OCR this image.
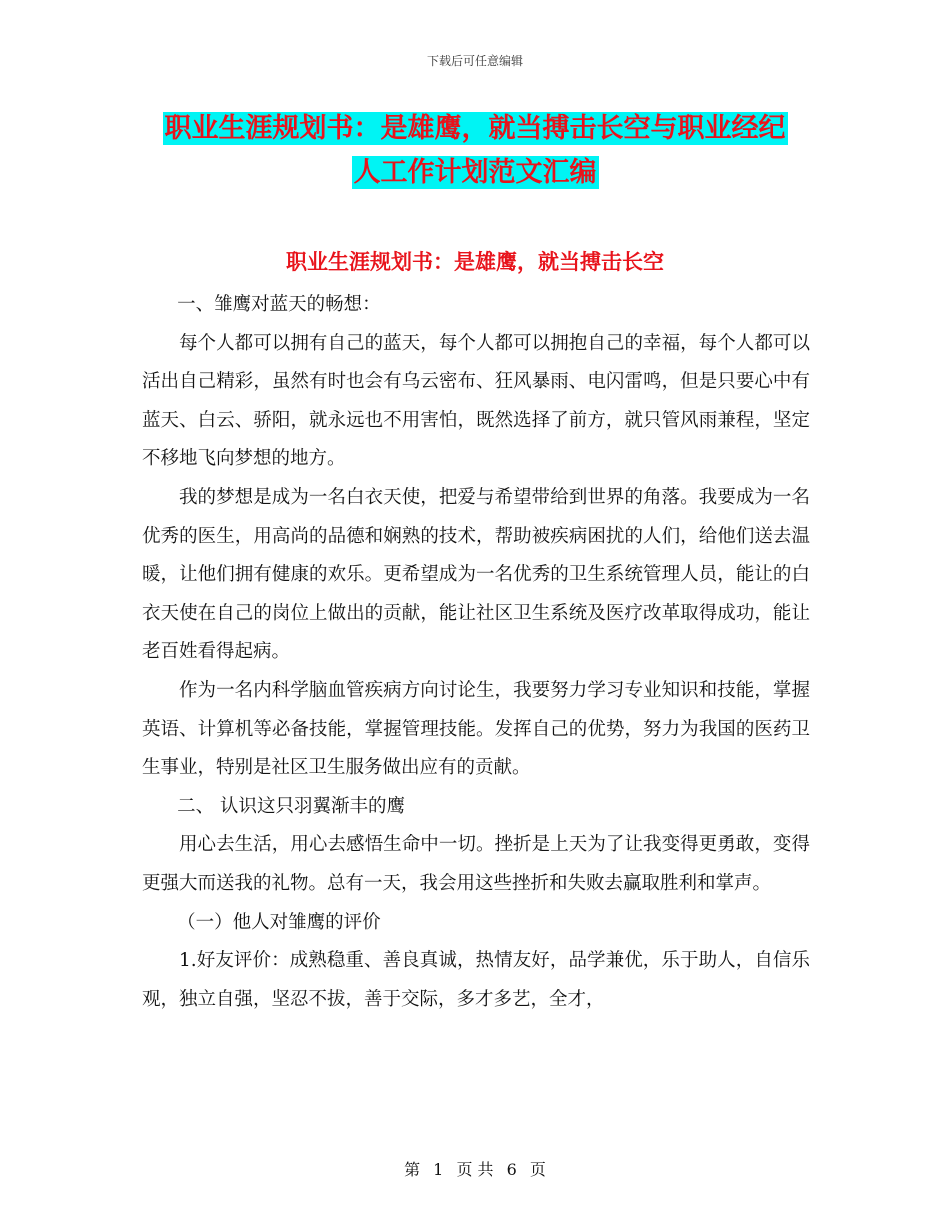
下载后可任意编辑
职业生涯规划书：是雄鹰，就当搏击长空与职业经纪
人工作计划范文汇编
职业生涯规划书：是雄鹰，就当搏击长空

一、雏鹰对蓝天的畅想：

每个人都可以拥有自己的蓝天，每个人都可以拥抱自己的幸福，每个人都可以活出自己精彩，虽然有时也会有乌云密布、狂风暴雨、电闪雷鸣，但是只要心中有蓝天、白云、骄阳，就永远也不用害怕，既然选择了前方，就只管风雨兼程，坚定不移地飞向梦想的地方。

我的梦想是成为一名白衣天使，把爱与希望带给到世界的角落。我要成为一名优秀的医生，用高尚的品德和娴熟的技术，帮助被疾病困扰的人们，给他们送去温暖，让他们拥有健康的欢乐。更希望成为一名优秀的卫生系统管理人员，能让的白衣天使在自己的岗位上做出的贡献，能让社区卫生系统及医疗改革取得成功，能让老百姓看得起病。

作为一名内科学脑血管疾病方向讨论生，我要努力学习专业知识和技能，掌握英语、计算机等必备技能，掌握管理技能。发挥自己的优势，努力为我国的医药卫生事业，特别是社区卫生服务做出应有的贡献。

二、 认识这只羽翼渐丰的鹰

用心去生活，用心去感悟生命中一切。挫折是上天为了让我变得更勇敢，变得更强大而送我的礼物。总有一天，我会用这些挫折和失败去赢取胜利和掌声。

（一）他人对雏鹰的评价

1.好友评价：成熟稳重、善良真诚，热情友好，品学兼优，乐于助人，自信乐观，独立自强，坚忍不拔，善于交际，多才多艺，全才，

第 1 页 共 6 页
